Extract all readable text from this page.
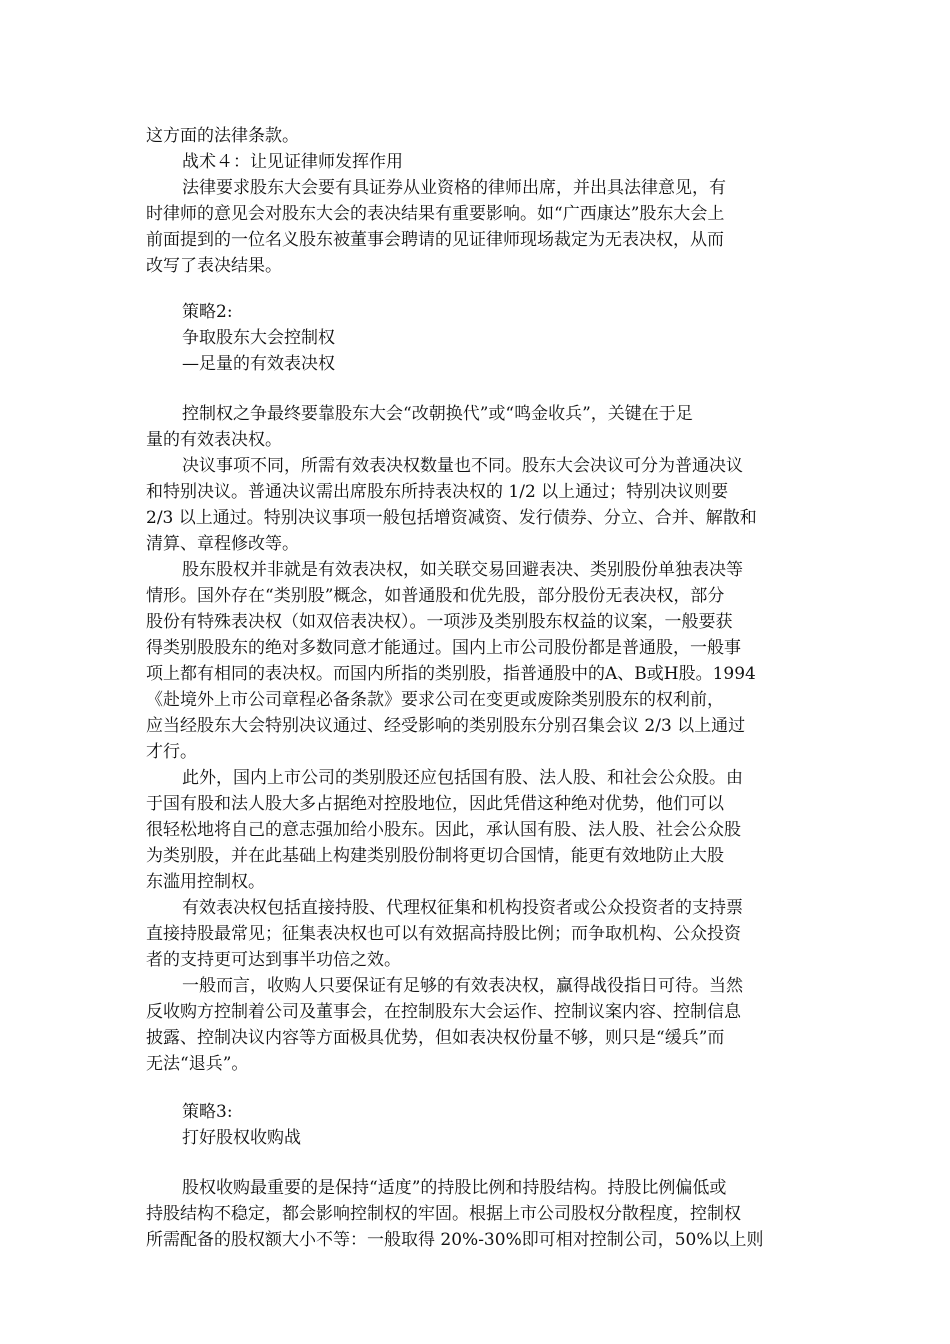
这方面的法律条款。
战术４：让见证律师发挥作用
法律要求股东大会要有具证券从业资格的律师出席，并出具法律意见，有
时律师的意见会对股东大会的表决结果有重要影响。如“广西康达”股东大会上
前面提到的一位名义股东被董事会聘请的见证律师现场裁定为无表决权，从而
改写了表决结果。
策略2:
争取股东大会控制权
—足量的有效表决权
控制权之争最终要靠股东大会“改朝换代”或“鸣金收兵”，关键在于足
量的有效表决权。
决议事项不同，所需有效表决权数量也不同。股东大会决议可分为普通决议
和特别决议。普通决议需出席股东所持表决权的 1/2 以上通过；特别决议则要
2/3 以上通过。特别决议事项一般包括增资减资、发行债券、分立、合并、解散和
清算、章程修改等。
股东股权并非就是有效表决权，如关联交易回避表决、类别股份单独表决等
情形。国外存在“类别股”概念，如普通股和优先股，部分股份无表决权，部分
股份有特殊表决权（如双倍表决权）。一项涉及类别股东权益的议案，一般要获
得类别股股东的绝对多数同意才能通过。国内上市公司股份都是普通股，一般事
项上都有相同的表决权。而国内所指的类别股，指普通股中的A、B或H股。1994
《赴境外上市公司章程必备条款》要求公司在变更或废除类别股东的权利前，
应当经股东大会特别决议通过、经受影响的类别股东分别召集会议 2/3 以上通过
才行。
此外，国内上市公司的类别股还应包括国有股、法人股、和社会公众股。由
于国有股和法人股大多占据绝对控股地位，因此凭借这种绝对优势，他们可以
很轻松地将自己的意志强加给小股东。因此，承认国有股、法人股、社会公众股
为类别股，并在此基础上构建类别股份制将更切合国情，能更有效地防止大股
东滥用控制权。
有效表决权包括直接持股、代理权征集和机构投资者或公众投资者的支持票
直接持股最常见；征集表决权也可以有效据高持股比例；而争取机构、公众投资
者的支持更可达到事半功倍之效。
一般而言，收购人只要保证有足够的有效表决权，赢得战役指日可待。当然
反收购方控制着公司及董事会，在控制股东大会运作、控制议案内容、控制信息
披露、控制决议内容等方面极具优势，但如表决权份量不够，则只是“缓兵”而
无法“退兵”。
策略3:
打好股权收购战
股权收购最重要的是保持“适度”的持股比例和持股结构。持股比例偏低或
持股结构不稳定，都会影响控制权的牢固。根据上市公司股权分散程度，控制权
所需配备的股权额大小不等：一般取得 20%-30%即可相对控制公司，50%以上则
